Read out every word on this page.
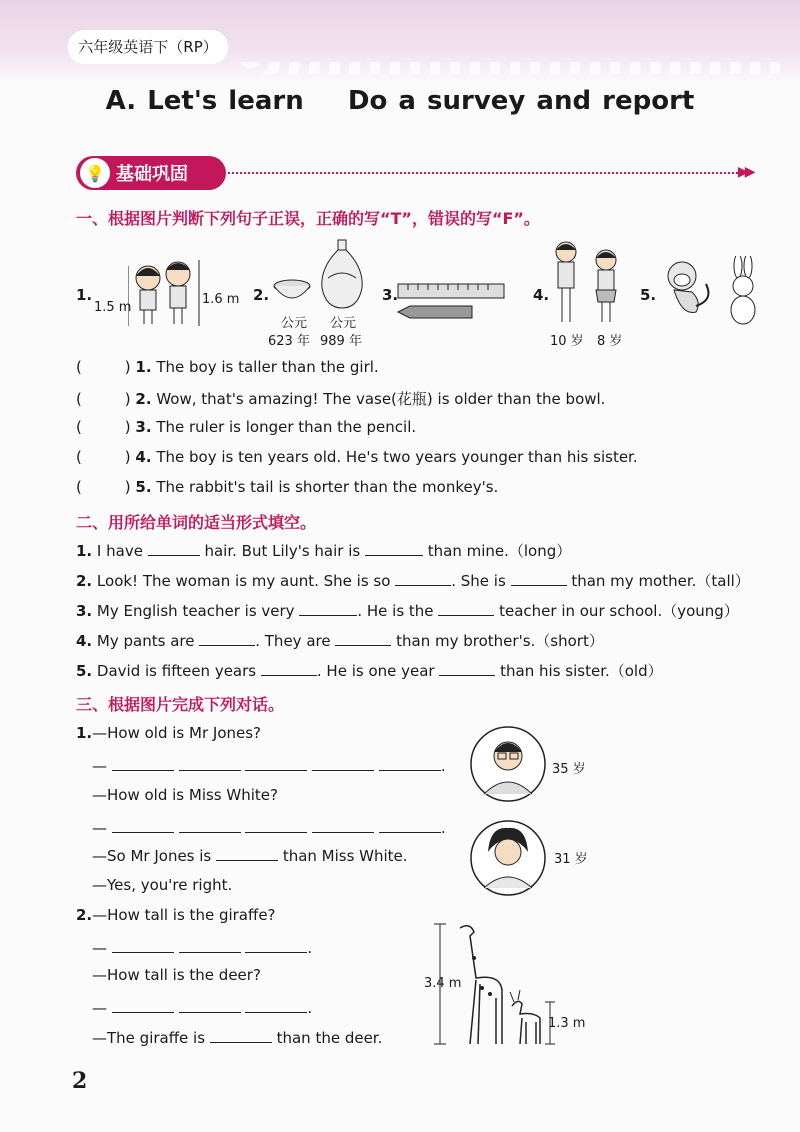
六年级英语下（RP）
A. Let's learn    Do a survey and report
💡 基础巩固	▶▶
一、根据图片判断下列句子正误，正确的写“T”，错误的写“F”。
1.
1.5 m
1.6 m 2.
公元
623 年
公元
989 年
3.	4.
10 岁 8 岁
5.
(         ) 1. The boy is taller than the girl.
(         ) 2. Wow, that's amazing! The vase(花瓶) is older than the bowl.
(         ) 3. The ruler is longer than the pencil.
(         ) 4. The boy is ten years old. He's two years younger than his sister.
(         ) 5. The rabbit's tail is shorter than the monkey's.
二、用所给单词的适当形式填空。
1. I have	hair. But Lily's hair is	than mine.（long）
2. Look! The woman is my aunt. She is so	. She is	than my mother.（tall）
3. My English teacher is very	. He is the	teacher in our school.（young）
4. My pants are	. They are	than my brother's.（short）
5. David is fifteen years	. He is one year	than his sister.（old）
三、根据图片完成下列对话。
1.—How old is Mr Jones?
—	.
—How old is Miss White?
—	.
—So Mr Jones is	than Miss White.
—Yes, you're right.
35 岁
31 岁
2.—How tall is the giraffe?
—	.
—How tall is the deer?
—	.
—The giraffe is	than the deer.
3.4 m
1.3 m
2
